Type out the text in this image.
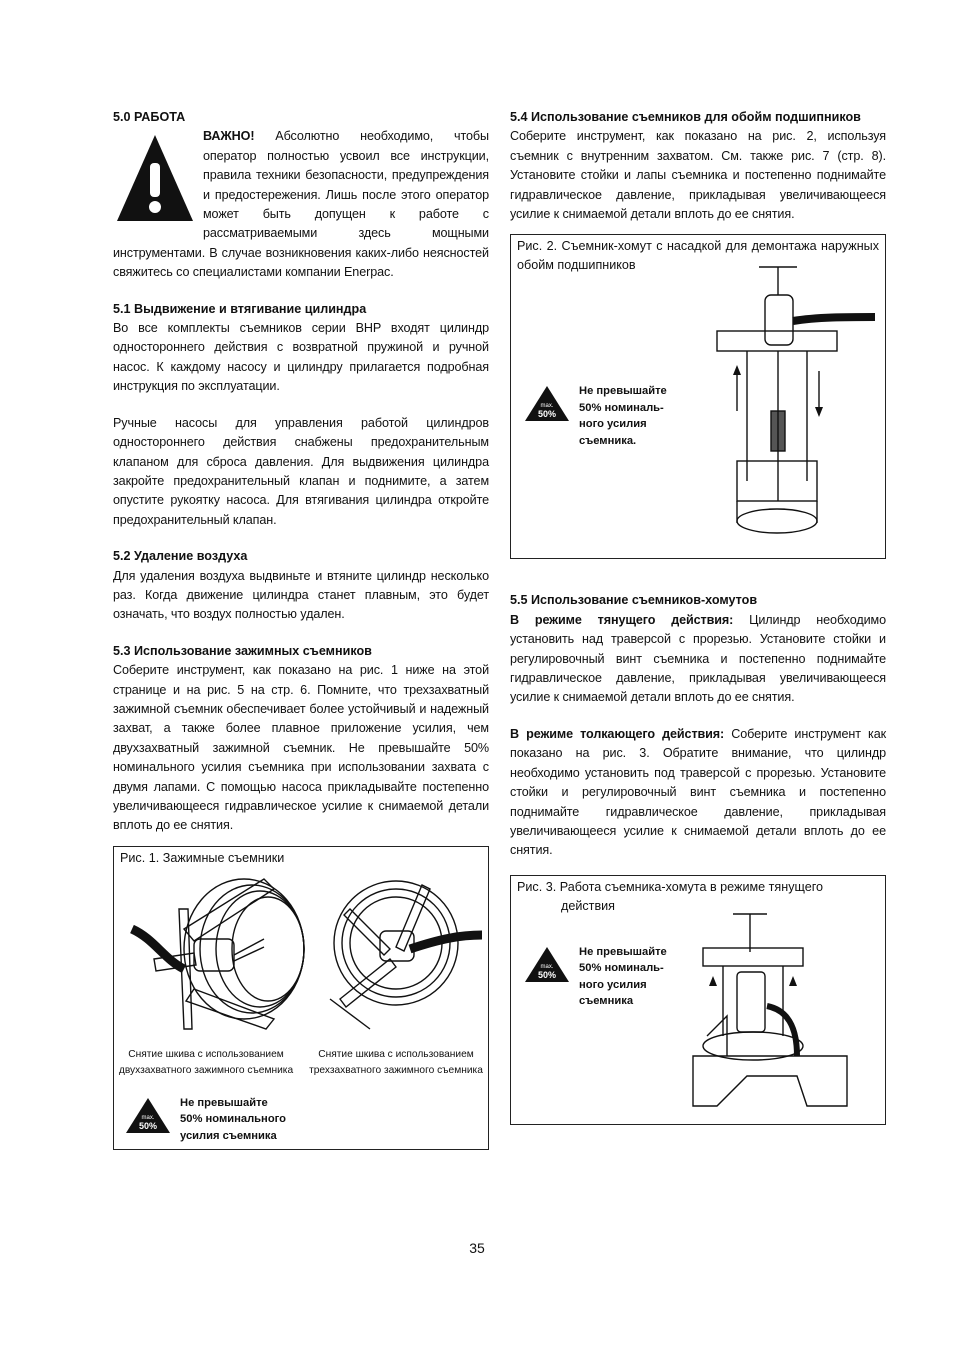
5.0 РАБОТА

ВАЖНО! Абсолютно необходимо, чтобы оператор полностью усвоил все инструкции, правила техники безопасности, предупреждения и предостережения. Лишь после этого оператор может быть допущен к работе с рассматриваемыми здесь мощными инструментами. В случае возникновения каких-либо неясностей свяжитесь со специалистами компании Enerpac.

5.1 Выдвижение и втягивание цилиндра

Во все комплекты съемников серии BHP входят цилиндр одностороннего действия с возвратной пружиной и ручной насос. К каждому насосу и цилиндру прилагается подробная инструкция по эксплуатации.

Ручные насосы для управления работой цилиндров одностороннего действия снабжены предохранительным клапаном для сброса давления. Для выдвижения цилиндра закройте предохранительный клапан и поднимите, а затем опустите рукоятку насоса. Для втягивания цилиндра откройте предохранительный клапан.

5.2 Удаление воздуха

Для удаления воздуха выдвиньте и втяните цилиндр несколько раз. Когда движение цилиндра станет плавным, это будет означать, что воздух полностью удален.

5.3 Использование зажимных съемников

Соберите инструмент, как показано на рис. 1 ниже на этой странице и на рис. 5 на стр. 6. Помните, что трехзахватный зажимной съемник обеспечивает более устойчивый и надежный захват, а также более плавное приложение усилия, чем двухзахватный зажимной съемник. Не превышайте 50% номинального усилия съемника при использовании захвата с двумя лапами. С помощью насоса прикладывайте постепенно увеличивающееся гидравлическое усилие к снимаемой детали вплоть до ее снятия.

Рис. 1. Зажимные съемники
Снятие шкива с использованием двухзахватного зажимного съемника
Снятие шкива с использованием трехзахватного зажимного съемника
max.
50%
Не превышайте
50% номинального
усилия съемника
5.4 Использование съемников для обойм подшипников

Соберите инструмент, как показано на рис. 2, используя съемник с внутренним захватом. См. также рис. 7 (стр. 8). Установите стойки и лапы съемника и постепенно поднимайте гидравлическое давление, прикладывая увеличивающееся усилие к снимаемой детали вплоть до ее снятия.

Рис. 2. Съемник-хомут с насадкой для демонтажа наружных обойм подшипников
max.
50%
Не превышайте
50% номиналь-
ного усилия
съемника.
5.5 Использование съемников-хомутов

В режиме тянущего действия: Цилиндр необходимо установить над траверсой с прорезью. Установите стойки и регулировочный винт съемника и постепенно поднимайте гидравлическое давление, прикладывая увеличивающееся усилие к снимаемой детали вплоть до ее снятия.

В режиме толкающего действия: Соберите инструмент как показано на рис. 3. Обратите внимание, что цилиндр необходимо установить под траверсой с прорезью. Установите стойки и регулировочный винт съемника и постепенно поднимайте гидравлическое давление, прикладывая увеличивающееся усилие к снимаемой детали вплоть до ее снятия.

Рис. 3. Работа съемника-хомута в режиме тянущего
действия
max.
50%
Не превышайте
50% номиналь-
ного усилия
съемника
35
